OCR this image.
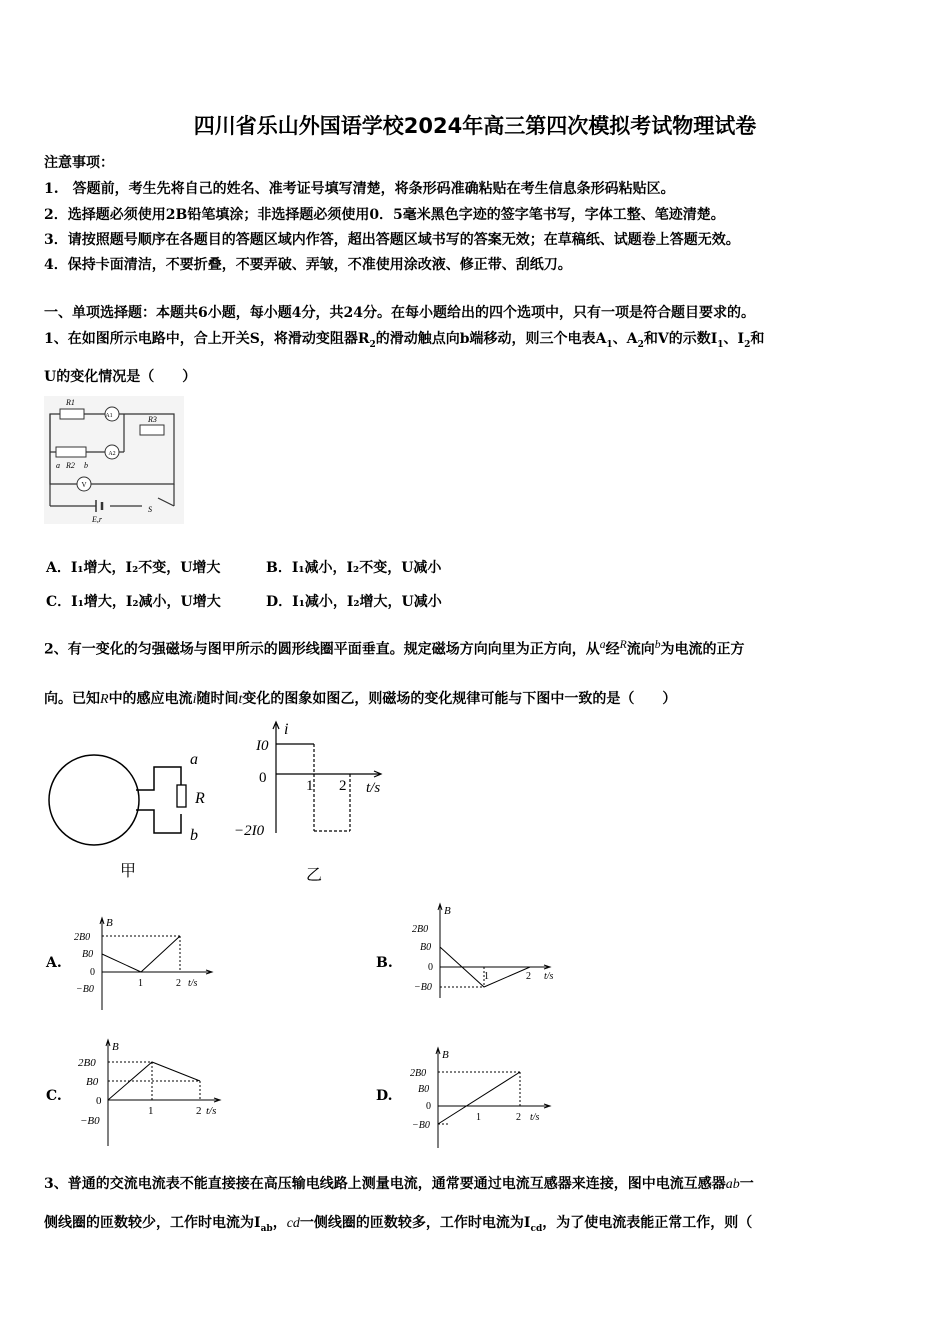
四川省乐山外国语学校2024年高三第四次模拟考试物理试卷
注意事项：
1.　答题前，考生先将自己的姓名、准考证号填写清楚，将条形码准确粘贴在考生信息条形码粘贴区。
2．选择题必须使用2B铅笔填涂；非选择题必须使用0．5毫米黑色字迹的签字笔书写，字体工整、笔迹清楚。
3．请按照题号顺序在各题目的答题区域内作答，超出答题区域书写的答案无效；在草稿纸、试题卷上答题无效。
4．保持卡面清洁，不要折叠，不要弄破、弄皱，不准使用涂改液、修正带、刮纸刀。
一、单项选择题：本题共6小题，每小题4分，共24分。在每小题给出的四个选项中，只有一项是符合题目要求的。
1、在如图所示电路中，合上开关S，将滑动变阻器$R_2$的滑动触点向b端移动，则三个电表$A_1$、$A_2$和V的示数$I_1$、$I_2$和
U的变化情况是（　　）
R1
A1	R3
A2
a R2 b
V
E,r
S
A．I₁增大，I₂不变，U增大	B．I₁减小，I₂不变，U减小
C．I₁增大，I₂减小，U增大	D．I₁减小，I₂增大，U减小
2、有一变化的匀强磁场与图甲所示的圆形线圈平面垂直。规定磁场方向向里为正方向，从$^a$经$^R$流向$^b$为电流的正方
向。已知R中的感应电流i随时间t变化的图象如图乙，则磁场的变化规律可能与下图中一致的是（　　）
a
R
b
甲
i
I0
0	1 2 t/s
−2I0
乙
A.
B
2B0
B0
0
−B0
1	2 t/s
B.
B
2B0
B0
0
−B0
1	2 t/s
C.
B
2B0
B0
0
−B0
1	2 t/s
D.
B
2B0
B0
0
−B0
1	2 t/s
3、普通的交流电流表不能直接接在高压输电线路上测量电流，通常要通过电流互感器来连接，图中电流互感器ab一
侧线圈的匝数较少，工作时电流为$I_{ab}$，cd一侧线圈的匝数较多，工作时电流为$I_{cd}$，为了使电流表能正常工作，则（
